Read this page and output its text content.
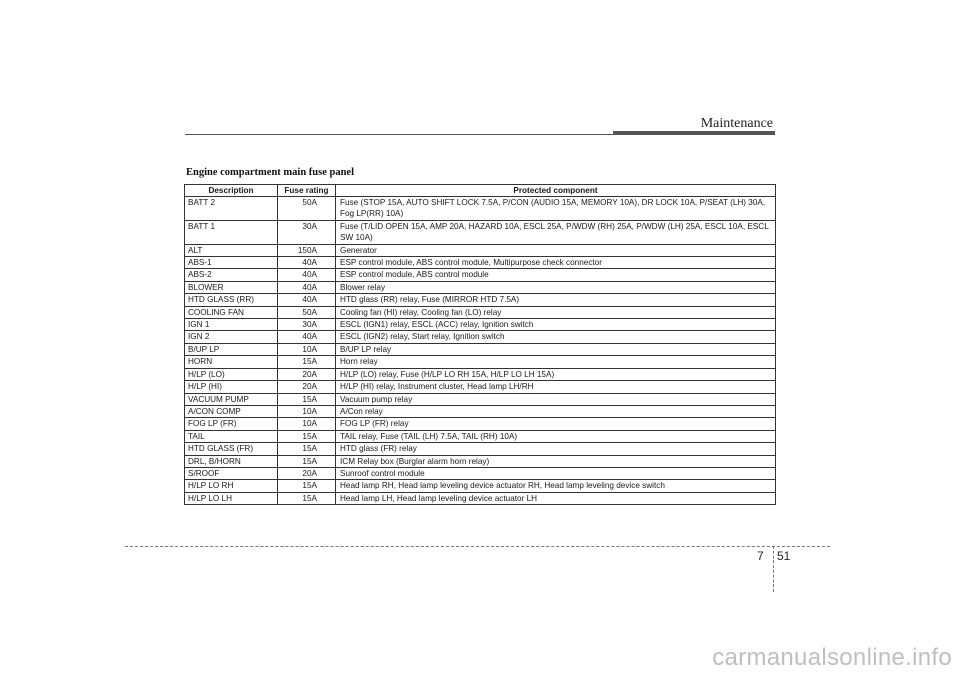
Maintenance
Engine compartment main fuse panel
Description	Fuse rating	Protected component
BATT 2	50A	Fuse (STOP 15A, AUTO SHIFT LOCK 7.5A, P/CON (AUDIO 15A, MEMORY 10A), DR LOCK 10A, P/SEAT (LH) 30A, Fog LP(RR) 10A)
BATT 1	30A	Fuse (T/LID OPEN 15A, AMP 20A, HAZARD 10A, ESCL 25A, P/WDW (RH) 25A, P/WDW (LH) 25A, ESCL 10A, ESCL SW 10A)
ALT	150A	Generator
ABS-1	40A	ESP control module, ABS control module, Multipurpose check connector
ABS-2	40A	ESP control module, ABS control module
BLOWER	40A	Blower relay
HTD GLASS (RR)	40A	HTD glass (RR) relay, Fuse (MIRROR HTD 7.5A)
COOLING FAN	50A	Cooling fan (HI) relay, Cooling fan (LO) relay
IGN 1	30A	ESCL (IGN1) relay, ESCL (ACC) relay, Ignition switch
IGN 2	40A	ESCL (IGN2) relay, Start relay, Ignition switch
B/UP LP	10A	B/UP LP relay
HORN	15A	Horn relay
H/LP (LO)	20A	H/LP (LO) relay, Fuse (H/LP LO RH 15A, H/LP LO LH 15A)
H/LP (HI)	20A	H/LP (HI) relay, Instrument cluster, Head lamp LH/RH
VACUUM PUMP	15A	Vacuum pump relay
A/CON COMP	10A	A/Con relay
FOG LP (FR)	10A	FOG LP (FR) relay
TAIL	15A	TAIL relay, Fuse (TAIL (LH) 7.5A, TAIL (RH) 10A)
HTD GLASS (FR)	15A	HTD glass (FR) relay
DRL, B/HORN	15A	ICM Relay box (Burglar alarm horn relay)
S/ROOF	20A	Sunroof control module
H/LP LO RH	15A	Head lamp RH, Head lamp leveling device actuator RH, Head lamp leveling device switch
H/LP LO LH	15A	Head lamp LH, Head lamp leveling device actuator LH
7 51
carmanualsonline.info
